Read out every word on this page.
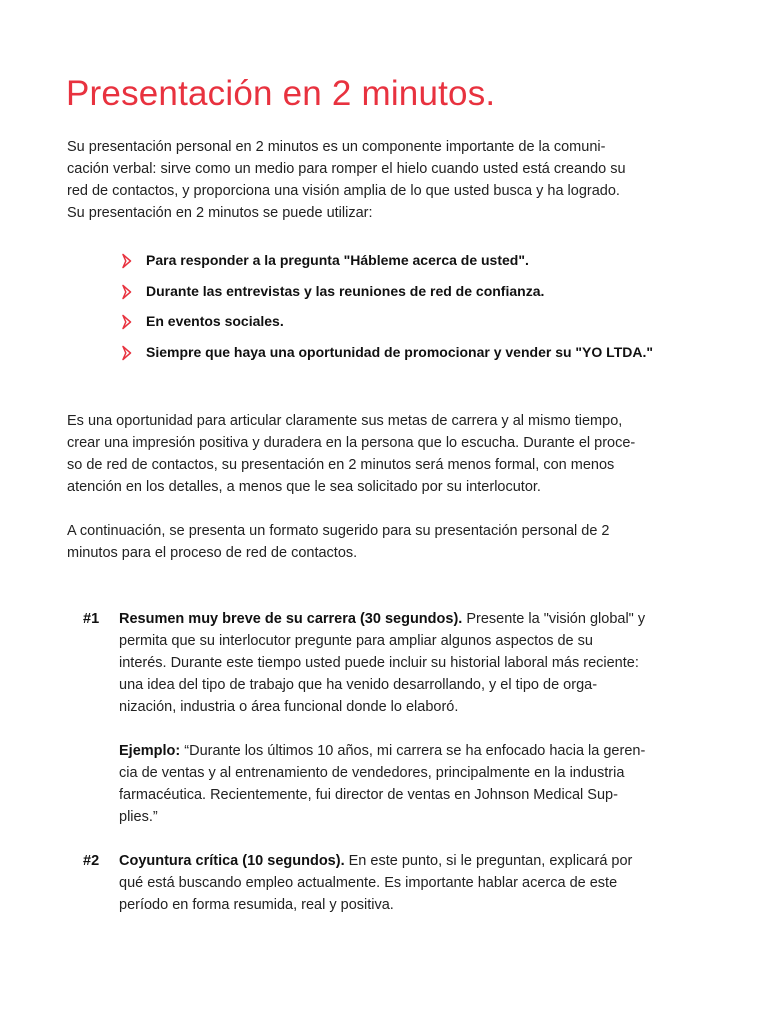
Presentación en 2 minutos.

Su presentación personal en 2 minutos es un componente importante de la comuni-
cación verbal: sirve como un medio para romper el hielo cuando usted está creando su
red de contactos, y proporciona una visión amplia de lo que usted busca y ha logrado.
Su presentación en 2 minutos se puede utilizar:

Para responder a la pregunta "Hábleme acerca de usted".
Durante las entrevistas y las reuniones de red de confianza.
En eventos sociales.
Siempre que haya una oportunidad de promocionar y vender su "YO LTDA."

Es una oportunidad para articular claramente sus metas de carrera y al mismo tiempo,
crear una impresión positiva y duradera en la persona que lo escucha. Durante el proce-
so de red de contactos, su presentación en 2 minutos será menos formal, con menos
atención en los detalles, a menos que le sea solicitado por su interlocutor.

A continuación, se presenta un formato sugerido para su presentación personal de 2
minutos para el proceso de red de contactos.

#1 Resumen muy breve de su carrera (30 segundos). Presente la "visión global" y
permita que su interlocutor pregunte para ampliar algunos aspectos de su
interés. Durante este tiempo usted puede incluir su historial laboral más reciente:
una idea del tipo de trabajo que ha venido desarrollando, y el tipo de orga-
nización, industria o área funcional donde lo elaboró.
Ejemplo: “Durante los últimos 10 años, mi carrera se ha enfocado hacia la geren-
cia de ventas y al entrenamiento de vendedores, principalmente en la industria
farmacéutica. Recientemente, fui director de ventas en Johnson Medical Sup-
plies.”
#2 Coyuntura crítica (10 segundos). En este punto, si le preguntan, explicará por
qué está buscando empleo actualmente. Es importante hablar acerca de este
período en forma resumida, real y positiva.
